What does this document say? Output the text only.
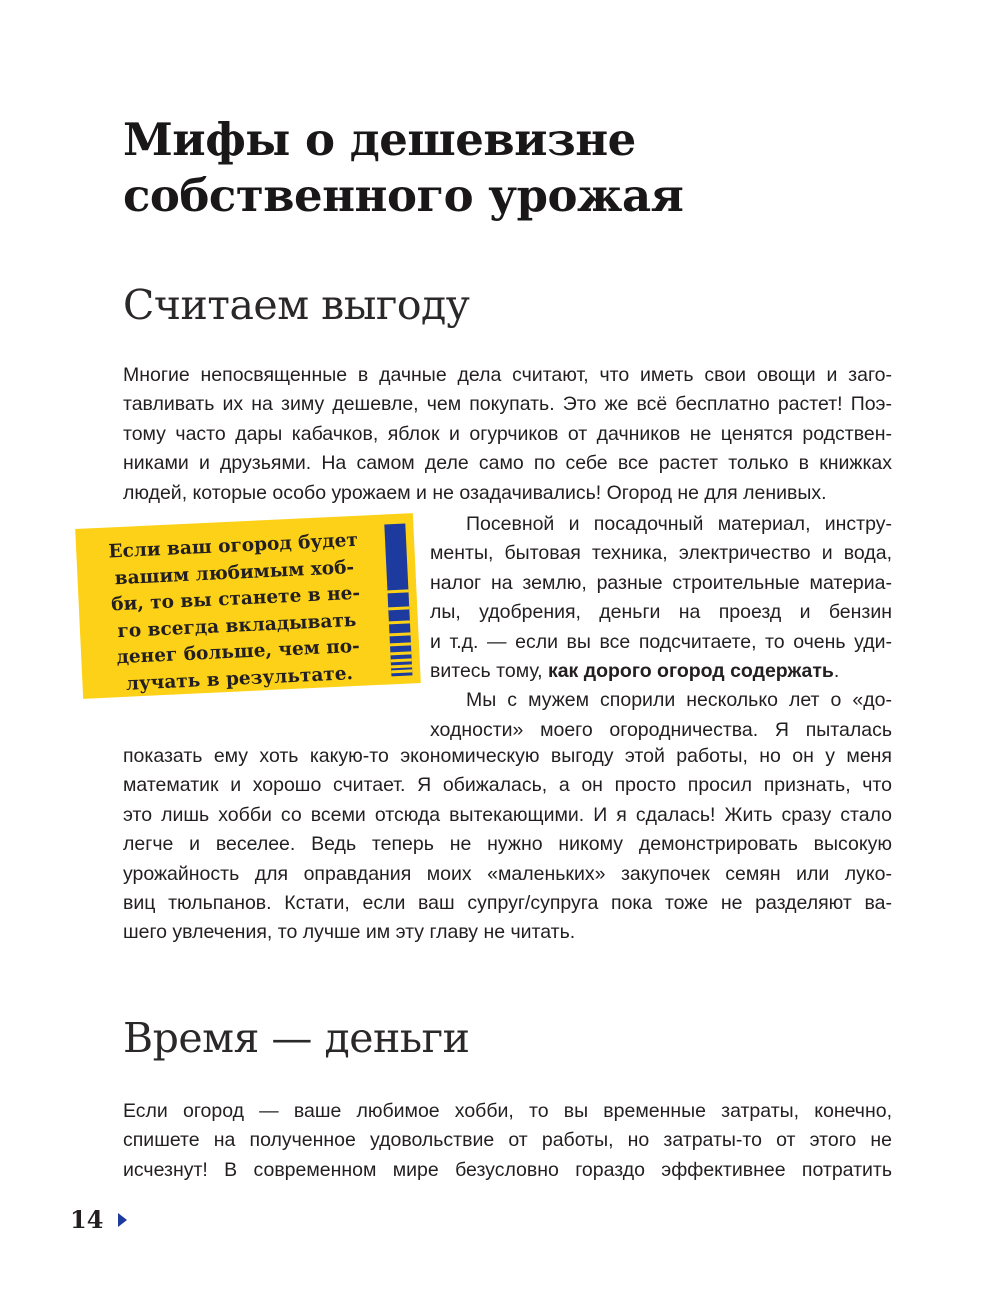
Мифы о дешевизне
собственного урожая
Считаем выгоду
Многие непосвященные в дачные дела считают, что иметь свои овощи и заго-
тавливать их на зиму дешевле, чем покупать. Это же всё бесплатно растет! Поэ-
тому часто дары кабачков, яблок и огурчиков от дачников не ценятся родствен-
никами и друзьями. На самом деле само по себе все растет только в книжках
людей, которые особо урожаем и не озадачивались! Огород не для ленивых.
Посевной и посадочный материал, инстру-
менты, бытовая техника, электричество и вода,
налог на землю, разные строительные материа-
лы, удобрения, деньги на проезд и бензин
и т.д. — если вы все подсчитаете, то очень уди-
витесь тому, как дорого огород содержать.
Мы с мужем спорили несколько лет о «до-
ходности» моего огородничества. Я пыталась
показать ему хоть какую-то экономическую выгоду этой работы, но он у меня
математик и хорошо считает. Я обижалась, а он просто просил признать, что
это лишь хобби со всеми отсюда вытекающими. И я сдалась! Жить сразу стало
легче и веселее. Ведь теперь не нужно никому демонстрировать высокую
урожайность для оправдания моих «маленьких» закупочек семян или луко-
виц тюльпанов. Кстати, если ваш супруг/супруга пока тоже не разделяют ва-
шего увлечения, то лучше им эту главу не читать.

Если ваш огород будет
вашим любимым хоб-
би, то вы станете в не-
го всегда вкладывать
денег больше, чем по-
лучать в результате.

Время — деньги
Если огород — ваше любимое хобби, то вы временные затраты, конечно,
спишете на полученное удовольствие от работы, но затраты-то от этого не
исчезнут! В современном мире безусловно гораздо эффективнее потратить
14
